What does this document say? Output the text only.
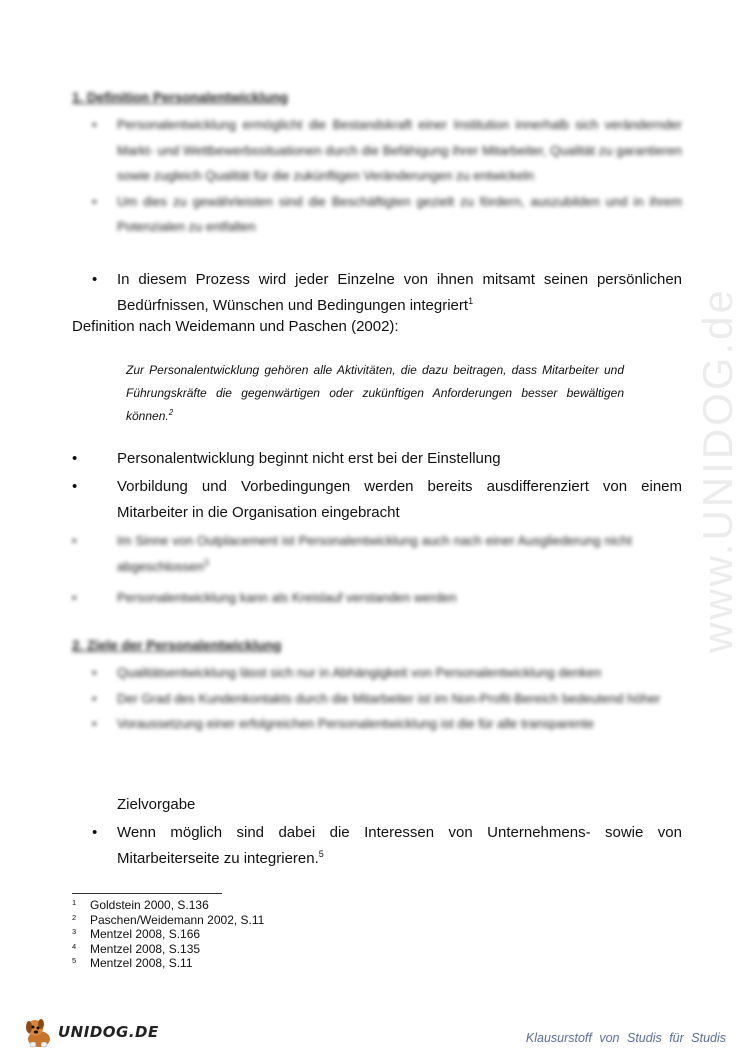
www.UNIDOG.de
1. Definition Personalentwicklung
• Personalentwicklung ermöglicht die Bestandskraft einer Institution innerhalb sich verändernder Markt- und Wettbewerbssituationen durch die Befähigung ihrer Mitarbeiter, Qualität zu garantieren sowie zugleich Qualität für die zukünftigen Veränderungen zu entwickeln
• Um dies zu gewährleisten sind die Beschäftigten gezielt zu fördern, auszubilden und in ihrem Potenzialen zu entfalten
• In diesem Prozess wird jeder Einzelne von ihnen mitsamt seinen persönlichen Bedürfnissen, Wünschen und Bedingungen integriert$^1$
Definition nach Weidemann und Paschen (2002):

Zur Personalentwicklung gehören alle Aktivitäten, die dazu beitragen, dass Mitarbeiter und Führungskräfte die gegenwärtigen oder zukünftigen Anforderungen besser bewältigen können.$^2$

•	Personalentwicklung beginnt nicht erst bei der Einstellung
•	Vorbildung und Vorbedingungen werden bereits ausdifferenziert von einem Mitarbeiter in die Organisation eingebracht
•	Im Sinne von Outplacement ist Personalentwicklung auch nach einer Ausgliederung nicht abgeschlossen$^3$
•	Personalentwicklung kann als Kreislauf verstanden werden
2. Ziele der Personalentwicklung
• Qualitätsentwicklung lässt sich nur in Abhängigkeit von Personalentwicklung denken
• Der Grad des Kundenkontakts durch die Mitarbeiter ist im Non-Profit-Bereich bedeutend höher
• Voraussetzung einer erfolgreichen Personalentwicklung ist die für alle transparente
Zielvorgabe
• Wenn möglich sind dabei die Interessen von Unternehmens- sowie von Mitarbeiterseite zu integrieren.$^5$
1 Goldstein 2000, S.136
2 Paschen/Weidemann 2002, S.11
3 Mentzel 2008, S.166
4 Mentzel 2008, S.135
5 Mentzel 2008, S.11
UNIDOG.DE	Klausurstoff von Studis für Studis
